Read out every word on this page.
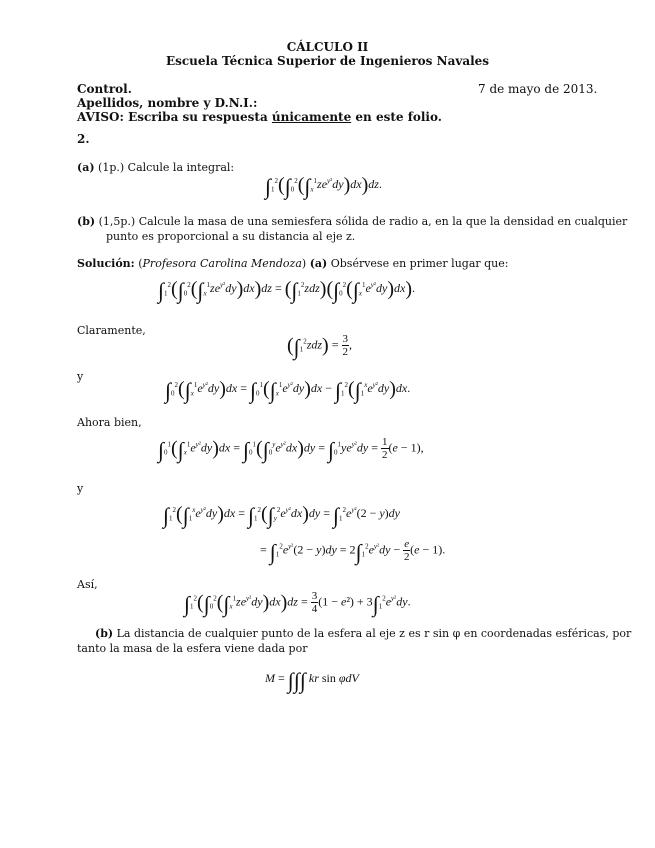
CÁLCULO II
Escuela Técnica Superior de Ingenieros Navales
Control.	7 de mayo de 2013.
Apellidos, nombre y D.N.I.:
AVISO: Escriba su respuesta únicamente en este folio.
2.
(a) (1p.) Calcule la integral:
$\int_1^2(\int_0^2(\int_x^1ze^{y^2}dy)dx)dz$.
(b) (1,5p.) Calcule la masa de una semiesfera sólida de radio a, en la que la densidad en cualquier
punto es proporcional a su distancia al eje z.
Solución: (Profesora Carolina Mendoza) (a) Obsérvese en primer lugar que:
$\int_1^2(\int_0^2(\int_x^1ze^{y^2}dy)dx)dz = (\int_1^2zdz)(\int_0^2(\int_x^1e^{y^2}dy)dx)$.
Claramente,
$(\int_1^2zdz) = \frac{3}{2}$ ,
y
$\int_0^2(\int_x^1e^{y^2}dy)dx = \int_0^1(\int_x^1e^{y^2}dy)dx - \int_1^2(\int_1^xe^{y^2}dy)dx$.
Ahora bien,
$\int_0^1(\int_x^1e^{y^2}dy)dx = \int_0^1(\int_0^ye^{y^2}dx)dy = \int_0^1ye^{y^2}dy = \frac{1}{2} (e - 1)$,
y
$\int_1^2(\int_1^xe^{y^2}dy)dx = \int_1^2(\int_y^2e^{y^2}dx)dy = \int_1^2e^{y^2}(2 - y)dy$
= $\int_1^2e^{y^2}(2 - y)dy = 2\int_1^2e^{y^2}dy - \frac{e}{2} (e - 1)$.
Así,
$\int_1^2(\int_0^2(\int_x^1ze^{y^2}dy)dx)dz = \frac{3}{4} (1 - e^2) + 3\int_1^2e^{y^2}dy$.
(b) La distancia de cualquier punto de la esfera al eje z es r sin φ en coordenadas esféricas, por
tanto la masa de la esfera viene dada por
M = ∫∫∫ kr sin φdV
